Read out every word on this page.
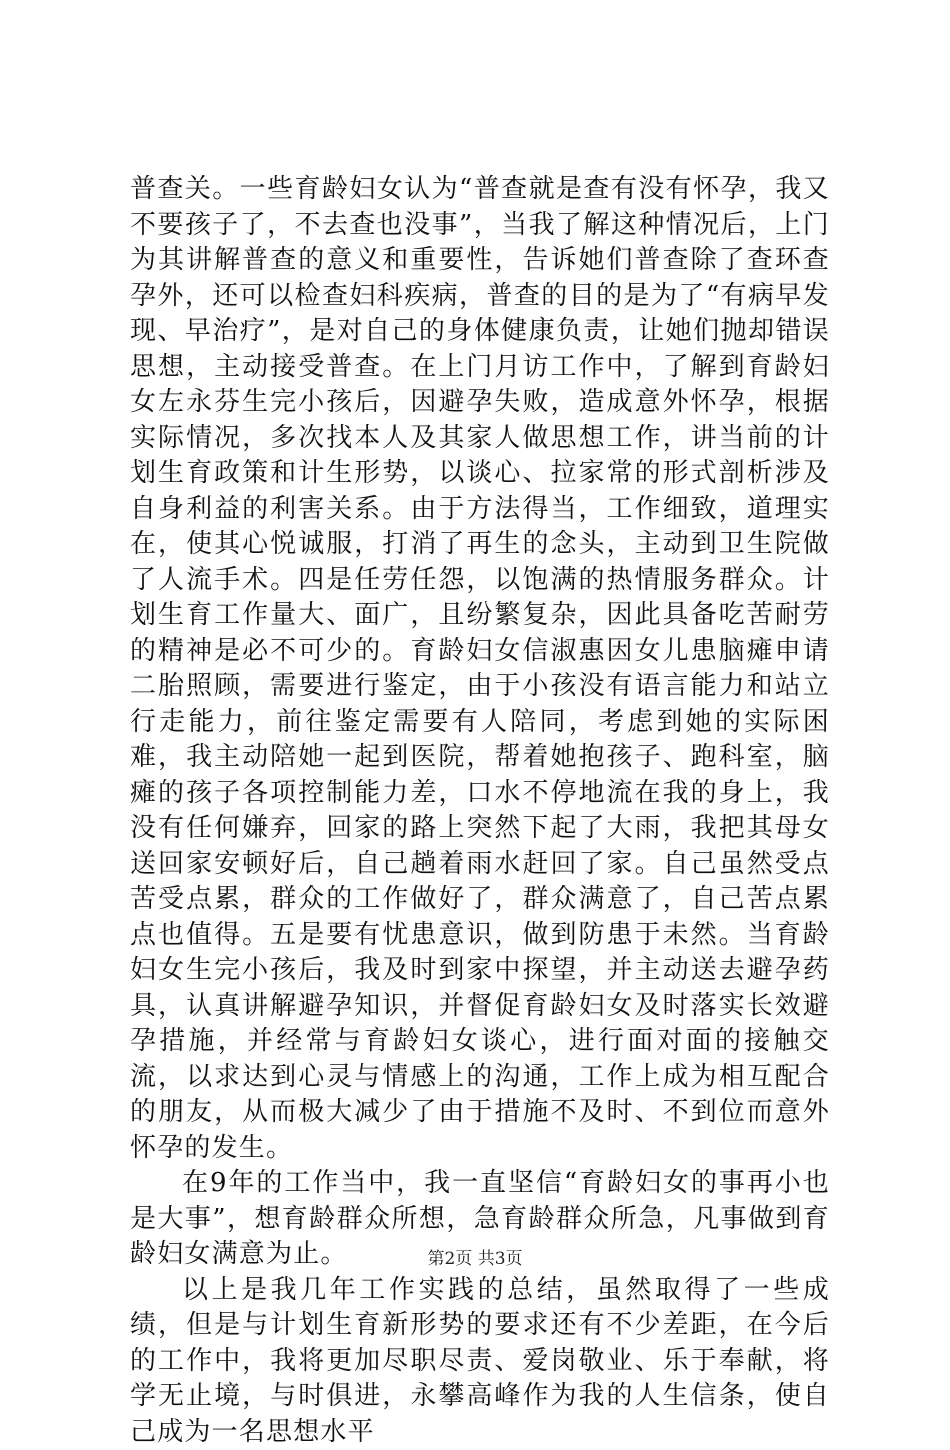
普查关。一些育龄妇女认为“普查就是查有没有怀孕，我又不要孩子了，不去查也没事”，当我了解这种情况后，上门为其讲解普查的意义和重要性，告诉她们普查除了查环查孕外，还可以检查妇科疾病，普查的目的是为了“有病早发现、早治疗”，是对自己的身体健康负责，让她们抛却错误思想，主动接受普查。在上门月访工作中，了解到育龄妇女左永芬生完小孩后，因避孕失败，造成意外怀孕，根据实际情况，多次找本人及其家人做思想工作，讲当前的计划生育政策和计生形势，以谈心、拉家常的形式剖析涉及自身利益的利害关系。由于方法得当，工作细致，道理实在，使其心悦诚服，打消了再生的念头，主动到卫生院做了人流手术。四是任劳任怨，以饱满的热情服务群众。计划生育工作量大、面广，且纷繁复杂，因此具备吃苦耐劳的精神是必不可少的。育龄妇女信淑惠因女儿患脑瘫申请二胎照顾，需要进行鉴定，由于小孩没有语言能力和站立行走能力，前往鉴定需要有人陪同，考虑到她的实际困难，我主动陪她一起到医院，帮着她抱孩子、跑科室，脑瘫的孩子各项控制能力差，口水不停地流在我的身上，我没有任何嫌弃，回家的路上突然下起了大雨，我把其母女送回家安顿好后，自己趟着雨水赶回了家。自己虽然受点苦受点累，群众的工作做好了，群众满意了，自己苦点累点也值得。五是要有忧患意识，做到防患于未然。当育龄妇女生完小孩后，我及时到家中探望，并主动送去避孕药具，认真讲解避孕知识，并督促育龄妇女及时落实长效避孕措施，并经常与育龄妇女谈心，进行面对面的接触交流，以求达到心灵与情感上的沟通，工作上成为相互配合的朋友，从而极大减少了由于措施不及时、不到位而意外怀孕的发生。

在9年的工作当中，我一直坚信“育龄妇女的事再小也是大事”，想育龄群众所想，急育龄群众所急，凡事做到育龄妇女满意为止。

以上是我几年工作实践的总结，虽然取得了一些成绩，但是与计划生育新形势的要求还有不少差距，在今后的工作中，我将更加尽职尽责、爱岗敬业、乐于奉献，将学无止境，与时俱进，永攀高峰作为我的人生信条，使自己成为一名思想水平

第2页 共3页
